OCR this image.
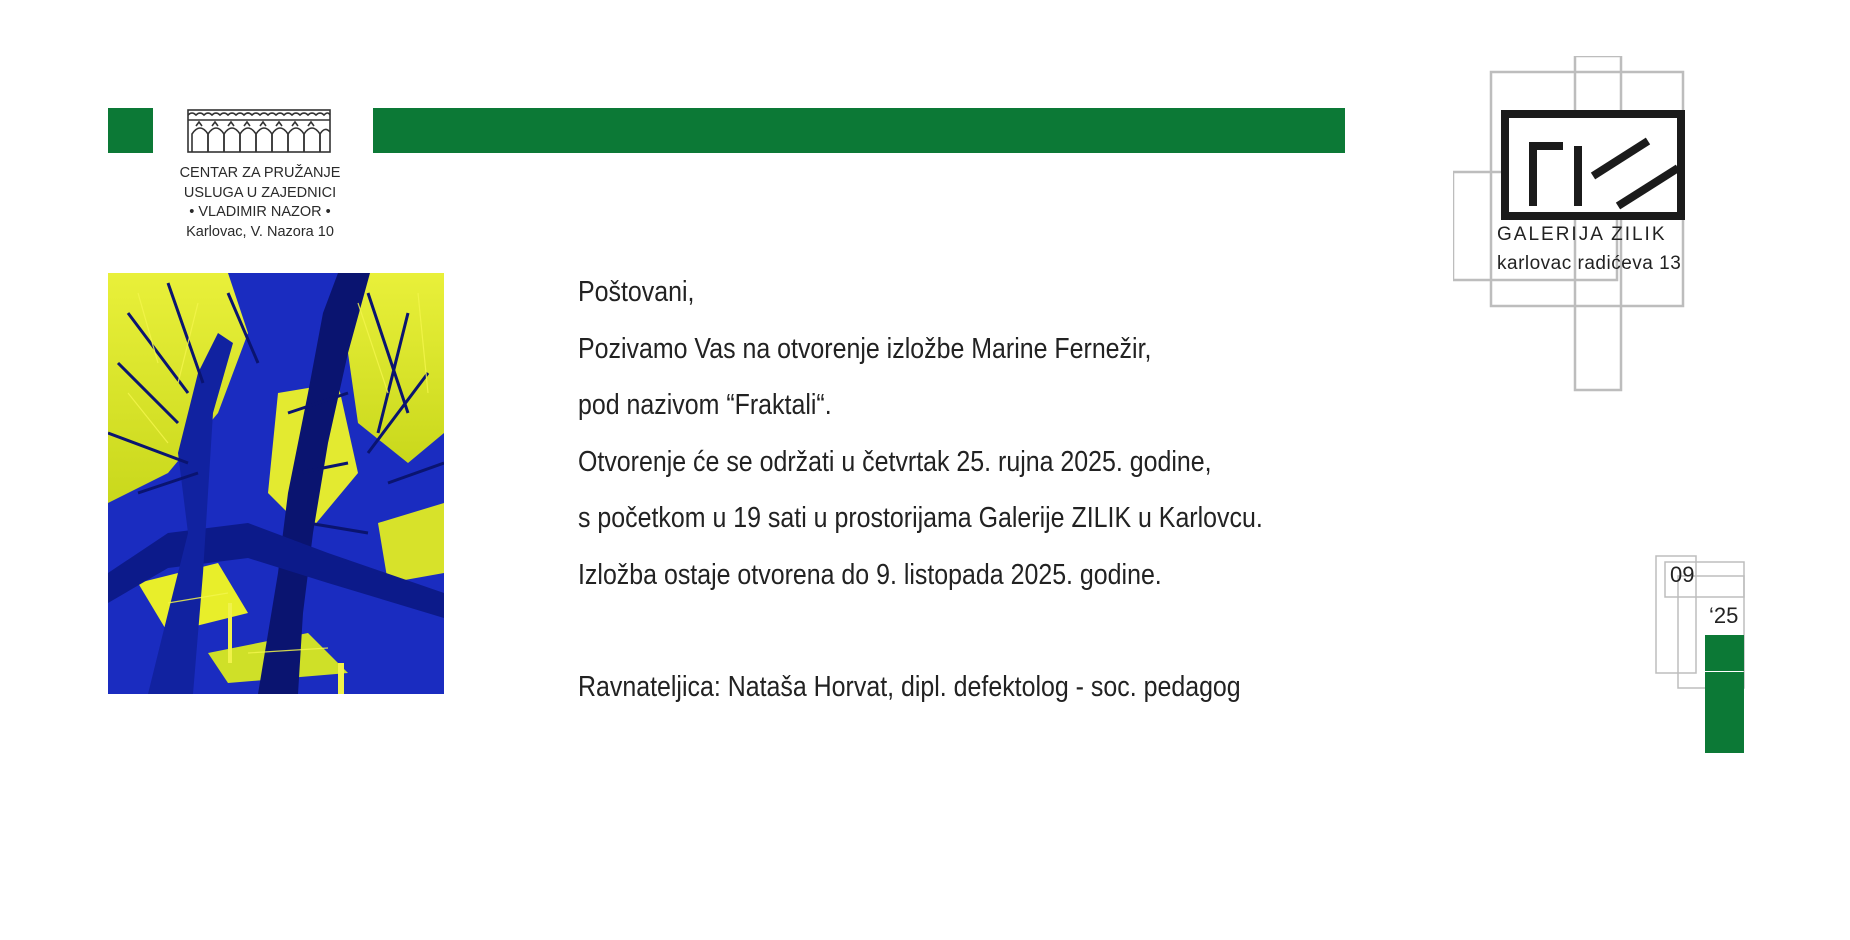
CENTAR ZA PRUŽANJE
USLUGA U ZAJEDNICI
• VLADIMIR NAZOR •
Karlovac, V. Nazora 10
Poštovani,
Pozivamo Vas na otvorenje izložbe Marine Fernežir,
pod nazivom “Fraktali“.
Otvorenje će se održati u četvrtak 25. rujna 2025. godine,
s početkom u 19 sati u prostorijama Galerije ZILIK u Karlovcu.
Izložba ostaje otvorena do 9. listopada 2025. godine.
Ravnateljica: Nataša Horvat, dipl. defektolog - soc. pedagog
GALERIJA ZILIK
karlovac radićeva 13
09
‘25
